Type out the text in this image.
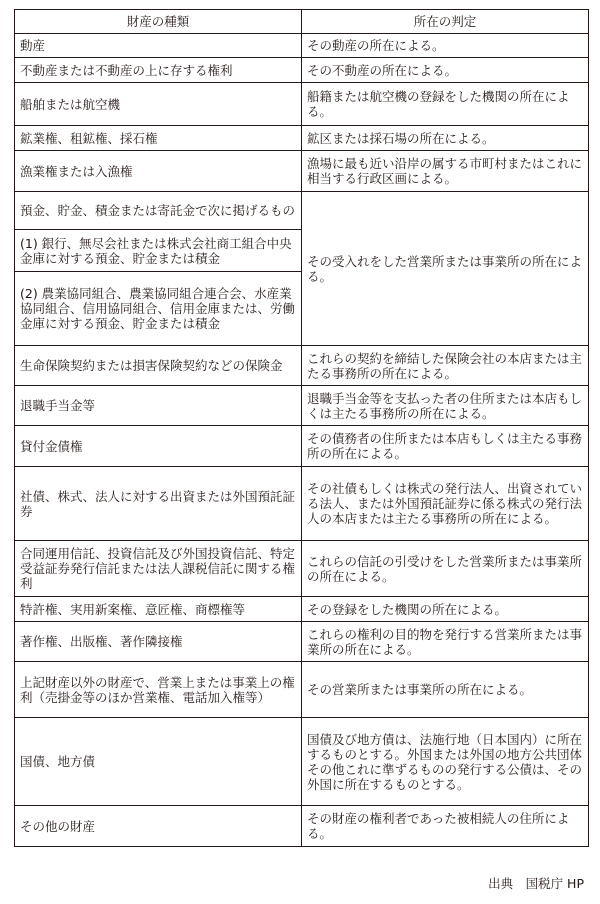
財産の種類	所在の判定
動産	その動産の所在による。
不動産または不動産の上に存する権利	その不動産の所在による。
船舶または航空機	船籍または航空機の登録をした機関の所在による。
鉱業権、租鉱権、採石権	鉱区または採石場の所在による。
漁業権または入漁権	漁場に最も近い沿岸の属する市町村またはこれに相当する行政区画による。
預金、貯金、積金または寄託金で次に掲げるもの	その受入れをした営業所または事業所の所在による。
(1) 銀行、無尽会社または株式会社商工組合中央金庫に対する預金、貯金または積金	
(2) 農業協同組合、農業協同組合連合会、水産業協同組合、信用協同組合、信用金庫または、労働金庫に対する預金、貯金または積金	
生命保険契約または損害保険契約などの保険金	これらの契約を締結した保険会社の本店または主たる事務所の所在による。
退職手当金等	退職手当金等を支払った者の住所または本店もしくは主たる事務所の所在による。
貸付金債権	その債務者の住所または本店もしくは主たる事務所の所在による。
社債、株式、法人に対する出資または外国預託証券	その社債もしくは株式の発行法人、出資されている法人、または外国預託証券に係る株式の発行法人の本店または主たる事務所の所在による。
合同運用信託、投資信託及び外国投資信託、特定受益証券発行信託または法人課税信託に関する権利	これらの信託の引受けをした営業所または事業所の所在による。
特許権、実用新案権、意匠権、商標権等	その登録をした機関の所在による。
著作権、出版権、著作隣接権	これらの権利の目的物を発行する営業所または事業所の所在による。
上記財産以外の財産で、営業上または事業上の権利（売掛金等のほか営業権、電話加入権等）	その営業所または事業所の所在による。
国債、地方債	国債及び地方債は、法施行地（日本国内）に所在するものとする。外国または外国の地方公共団体その他これに準ずるものの発行する公債は、その外国に所在するものとする。
その他の財産	その財産の権利者であった被相続人の住所による。
出典　国税庁 HP
